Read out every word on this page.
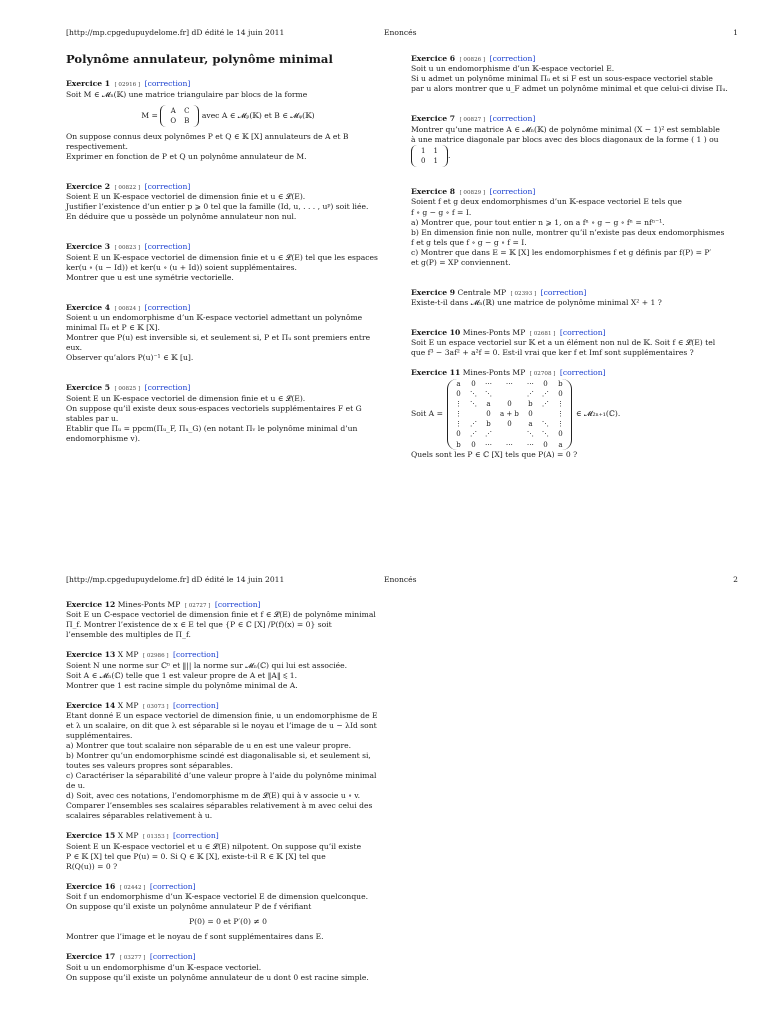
[http://mp.cpgedupuydelome.fr] dD édité le 14 juin 2011	Enoncés	1
Polynôme annulateur, polynôme minimal
Exercice 1 [ 02916 ] [correction]
Soit M ∈ 𝓜ₙ(𝕂) une matrice triangulaire par blocs de la forme
M = A	C
O	B avec A ∈ 𝓜ₚ(𝕂) et B ∈ 𝓜ᵩ(𝕂)
On suppose connus deux polynômes P et Q ∈ 𝕂 [X] annulateurs de A et B
respectivement.
Exprimer en fonction de P et Q un polynôme annulateur de M.
Exercice 2 [ 00822 ] [correction]
Soient E un 𝕂-espace vectoriel de dimension finie et u ∈ 𝓛(E).
Justifier l’existence d’un entier p ⩾ 0 tel que la famille (Id, u, . . . , uᵖ) soit liée.
En déduire que u possède un polynôme annulateur non nul.
Exercice 3 [ 00823 ] [correction]
Soient E un 𝕂-espace vectoriel de dimension finie et u ∈ 𝓛(E) tel que les espaces
ker(u ∘ (u − Id)) et ker(u ∘ (u + Id)) soient supplémentaires.
Montrer que u est une symétrie vectorielle.
Exercice 4 [ 00824 ] [correction]
Soient u un endomorphisme d’un 𝕂-espace vectoriel admettant un polynôme
minimal Πᵤ et P ∈ 𝕂 [X].
Montrer que P(u) est inversible si, et seulement si, P et Πᵤ sont premiers entre
eux.
Observer qu’alors P(u)⁻¹ ∈ 𝕂 [u].
Exercice 5 [ 00825 ] [correction]
Soient E un 𝕂-espace vectoriel de dimension finie et u ∈ 𝓛(E).
On suppose qu’il existe deux sous-espaces vectoriels supplémentaires F et G
stables par u.
Etablir que Πᵤ = ppcm(Πᵤ_F, Πᵤ_G) (en notant Πᵥ le polynôme minimal d’un
endomorphisme v).
Exercice 6 [ 00826 ] [correction]
Soit u un endomorphisme d’un 𝕂-espace vectoriel E.
Si u admet un polynôme minimal Πᵤ et si F est un sous-espace vectoriel stable
par u alors montrer que u_F admet un polynôme minimal et que celui-ci divise Πᵤ.
Exercice 7 [ 00827 ] [correction]
Montrer qu’une matrice A ∈ 𝓜ₙ(𝕂) de polynôme minimal (X − 1)² est semblable
à une matrice diagonale par blocs avec des blocs diagonaux de la forme ( 1 ) ou
1	1
0	1.
Exercice 8 [ 00829 ] [correction]
Soient f et g deux endomorphismes d’un 𝕂-espace vectoriel E tels que
f ∘ g − g ∘ f = I.
a) Montrer que, pour tout entier n ⩾ 1, on a fⁿ ∘ g − g ∘ fⁿ = nfⁿ⁻¹.
b) En dimension finie non nulle, montrer qu’il n’existe pas deux endomorphismes
f et g tels que f ∘ g − g ∘ f = I.
c) Montrer que dans E = 𝕂 [X] les endomorphismes f et g définis par f(P) = P′
et g(P) = XP conviennent.
Exercice 9 Centrale MP [ 02393 ] [correction]
Existe-t-il dans 𝓜ₙ(ℝ) une matrice de polynôme minimal X² + 1 ?
Exercice 10 Mines-Ponts MP [ 02681 ] [correction]
Soit E un espace vectoriel sur 𝕂 et a un élément non nul de 𝕂. Soit f ∈ 𝓛(E) tel
que f³ − 3af² + a²f = 0. Est-il vrai que ker f et Imf sont supplémentaires ?
Exercice 11 Mines-Ponts MP [ 02708 ] [correction]
Soit A =
a	0	⋯	⋯	⋯	0	b
0	⋱	⋱		⋰	⋰	0
⋮	⋱	a	0	b	⋰	⋮
⋮		0	a + b	0		⋮
⋮	⋰	b	0	a	⋱	⋮
0	⋰	⋰		⋱	⋱	0
b	0	⋯	⋯	⋯	0	a
∈ 𝓜₂ₙ₊₁(ℂ).
Quels sont les P ∈ ℂ [X] tels que P(A) = 0 ?
[http://mp.cpgedupuydelome.fr] dD édité le 14 juin 2011	Enoncés	2
Exercice 12 Mines-Ponts MP [ 02727 ] [correction]
Soit E un ℂ-espace vectoriel de dimension finie et f ∈ 𝓛(E) de polynôme minimal
Π_f. Montrer l’existence de x ∈ E tel que {P ∈ ℂ [X] /P(f)(x) = 0} soit
l’ensemble des multiples de Π_f.
Exercice 13 X MP [ 02986 ] [correction]
Soient N une norme sur ℂⁿ et ‖|| la norme sur 𝓜ₙ(ℂ) qui lui est associée.
Soit A ∈ 𝓜ₙ(ℂ) telle que 1 est valeur propre de A et ‖A‖ ⩽ 1.
Montrer que 1 est racine simple du polynôme minimal de A.
Exercice 14 X MP [ 03073 ] [correction]
Etant donné E un espace vectoriel de dimension finie, u un endomorphisme de E
et λ un scalaire, on dit que λ est séparable si le noyau et l’image de u − λId sont
supplémentaires.
a) Montrer que tout scalaire non séparable de u en est une valeur propre.
b) Montrer qu’un endomorphisme scindé est diagonalisable si, et seulement si,
toutes ses valeurs propres sont séparables.
c) Caractériser la séparabilité d’une valeur propre à l’aide du polynôme minimal
de u.
d) Soit, avec ces notations, l’endomorphisme m de 𝓛(E) qui à v associe u ∘ v.
Comparer l’ensembles ses scalaires séparables relativement à m avec celui des
scalaires séparables relativement à u.
Exercice 15 X MP [ 01353 ] [correction]
Soient E un 𝕂-espace vectoriel et u ∈ 𝓛(E) nilpotent. On suppose qu’il existe
P ∈ 𝕂 [X] tel que P(u) = 0. Si Q ∈ 𝕂 [X], existe-t-il R ∈ 𝕂 [X] tel que
R(Q(u)) = 0 ?
Exercice 16 [ 02442 ] [correction]
Soit f un endomorphisme d’un 𝕂-espace vectoriel E de dimension quelconque.
On suppose qu’il existe un polynôme annulateur P de f vérifiant
P(0) = 0 et P′(0) ≠ 0
Montrer que l’image et le noyau de f sont supplémentaires dans E.
Exercice 17 [ 03277 ] [correction]
Soit u un endomorphisme d’un 𝕂-espace vectoriel.
On suppose qu’il existe un polynôme annulateur de u dont 0 est racine simple.
